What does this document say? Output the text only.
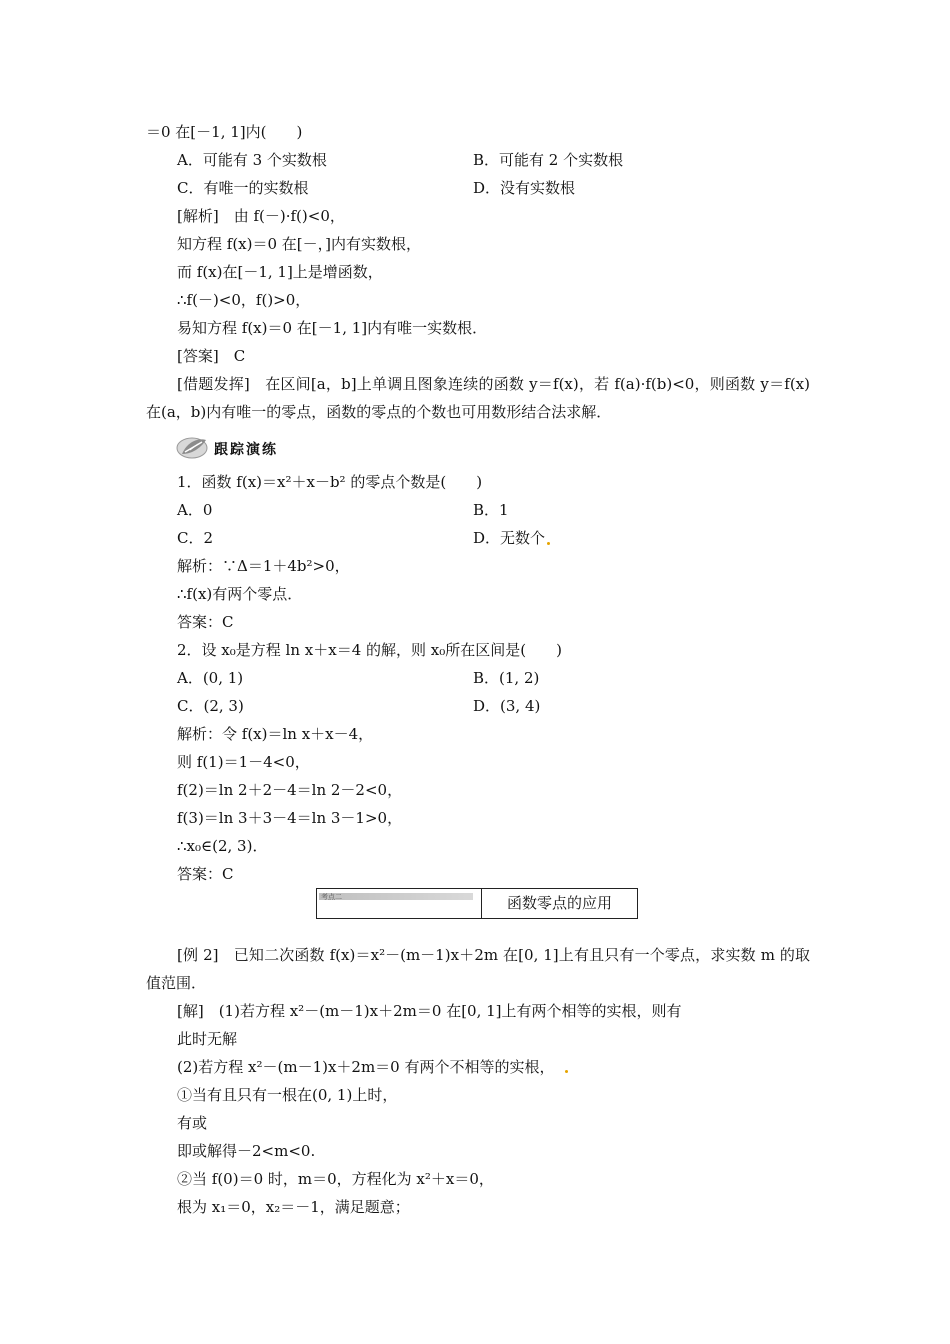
＝0 在[－1, 1]内(　　)
A．可能有 3 个实数根	B．可能有 2 个实数根
C．有唯一的实数根	D．没有实数根
[解析]　由 f(－)·f()<0，
知方程 f(x)＝0 在[－，]内有实数根，
而 f(x)在[－1, 1]上是增函数，
∴f(－)<0，f()>0，
易知方程 f(x)＝0 在[－1, 1]内有唯一实数根．
[答案]　C
[借题发挥]　在区间[a，b]上单调且图象连续的函数 y＝f(x)，若 f(a)·f(b)<0，则函数 y＝f(x)在(a，b)内有唯一的零点，函数的零点的个数也可用数形结合法求解．
跟踪演练
1．函数 f(x)＝x²＋x－b² 的零点个数是(　　)
A．0	B．1
C．2	D．无数个
解析：∵Δ＝1＋4b²>0，
∴f(x)有两个零点．
答案：C
2．设 x₀是方程 ln x＋x＝4 的解，则 x₀所在区间是(　　)
A．(0, 1)	B．(1, 2)
C．(2, 3)	D．(3, 4)
解析：令 f(x)＝ln x＋x－4，
则 f(1)＝1－4<0，
f(2)＝ln 2＋2－4＝ln 2－2<0，
f(3)＝ln 3＋3－4＝ln 3－1>0，
∴x₀∈(2, 3)．
答案：C
考点二	函数零点的应用
[例 2]　已知二次函数 f(x)＝x²－(m－1)x＋2m 在[0, 1]上有且只有一个零点，求实数 m 的取值范围．
[解]　(1)若方程 x²－(m－1)x＋2m＝0 在[0, 1]上有两个相等的实根，则有
此时无解
(2)若方程 x²－(m－1)x＋2m＝0 有两个不相等的实根，
①当有且只有一根在(0, 1)上时，
有或
即或解得－2<m<0.
②当 f(0)＝0 时，m＝0，方程化为 x²＋x＝0，
根为 x₁＝0，x₂＝－1，满足题意；
